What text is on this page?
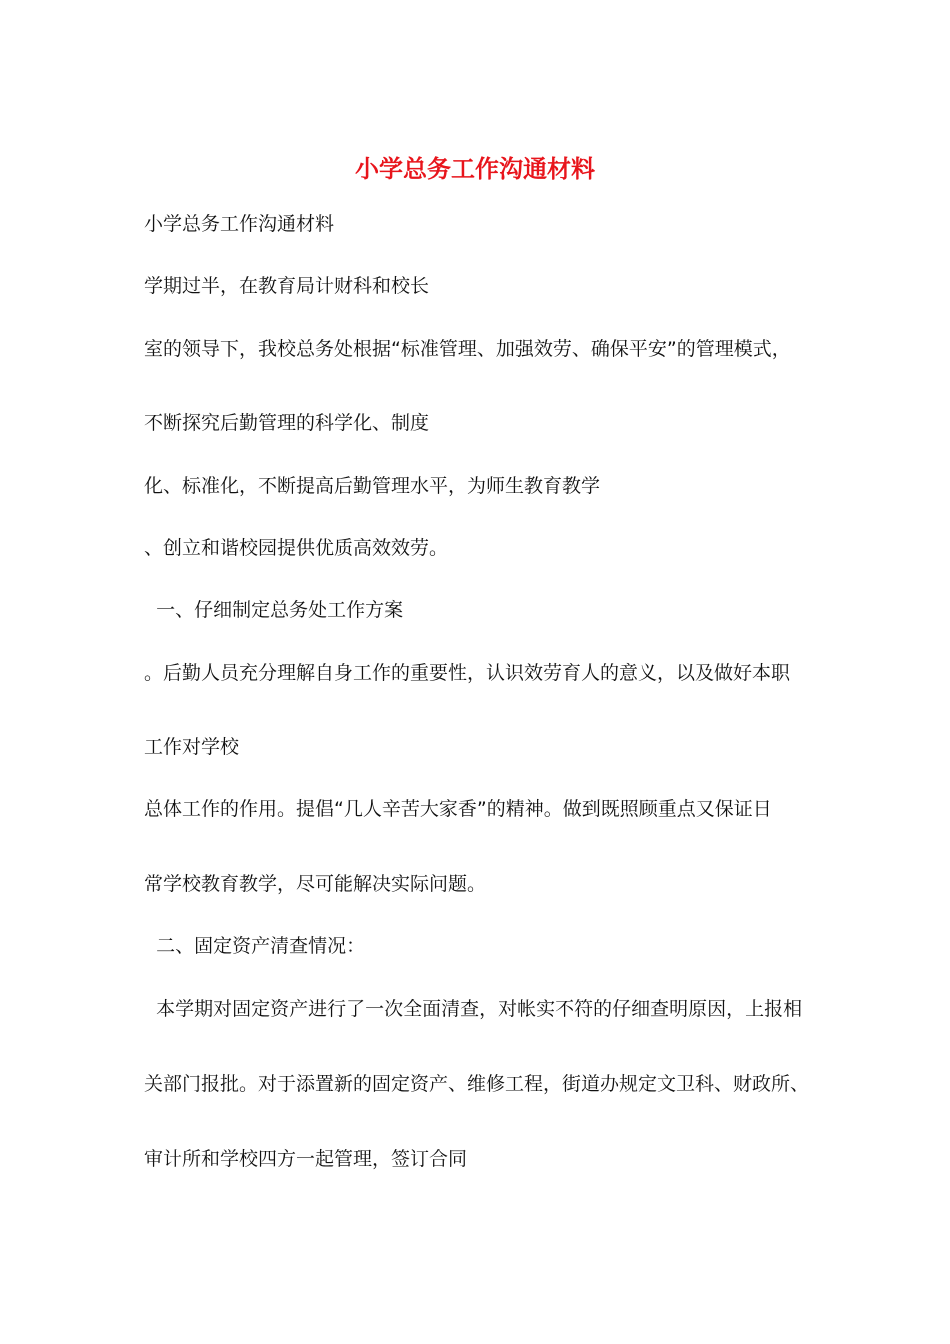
小学总务工作沟通材料

小学总务工作沟通材料

学期过半，在教育局计财科和校长

室的领导下，我校总务处根据“标准管理、加强效劳、确保平安”的管理模式，

不断探究后勤管理的科学化、制度

化、标准化，不断提高后勤管理水平，为师生教育教学

、创立和谐校园提供优质高效效劳。

一、仔细制定总务处工作方案

。后勤人员充分理解自身工作的重要性，认识效劳育人的意义，以及做好本职

工作对学校

总体工作的作用。提倡“几人辛苦大家香”的精神。做到既照顾重点又保证日

常学校教育教学，尽可能解决实际问题。

二、固定资产清查情况：

本学期对固定资产进行了一次全面清查，对帐实不符的仔细查明原因，上报相

关部门报批。对于添置新的固定资产、维修工程，街道办规定文卫科、财政所、

审计所和学校四方一起管理，签订合同
